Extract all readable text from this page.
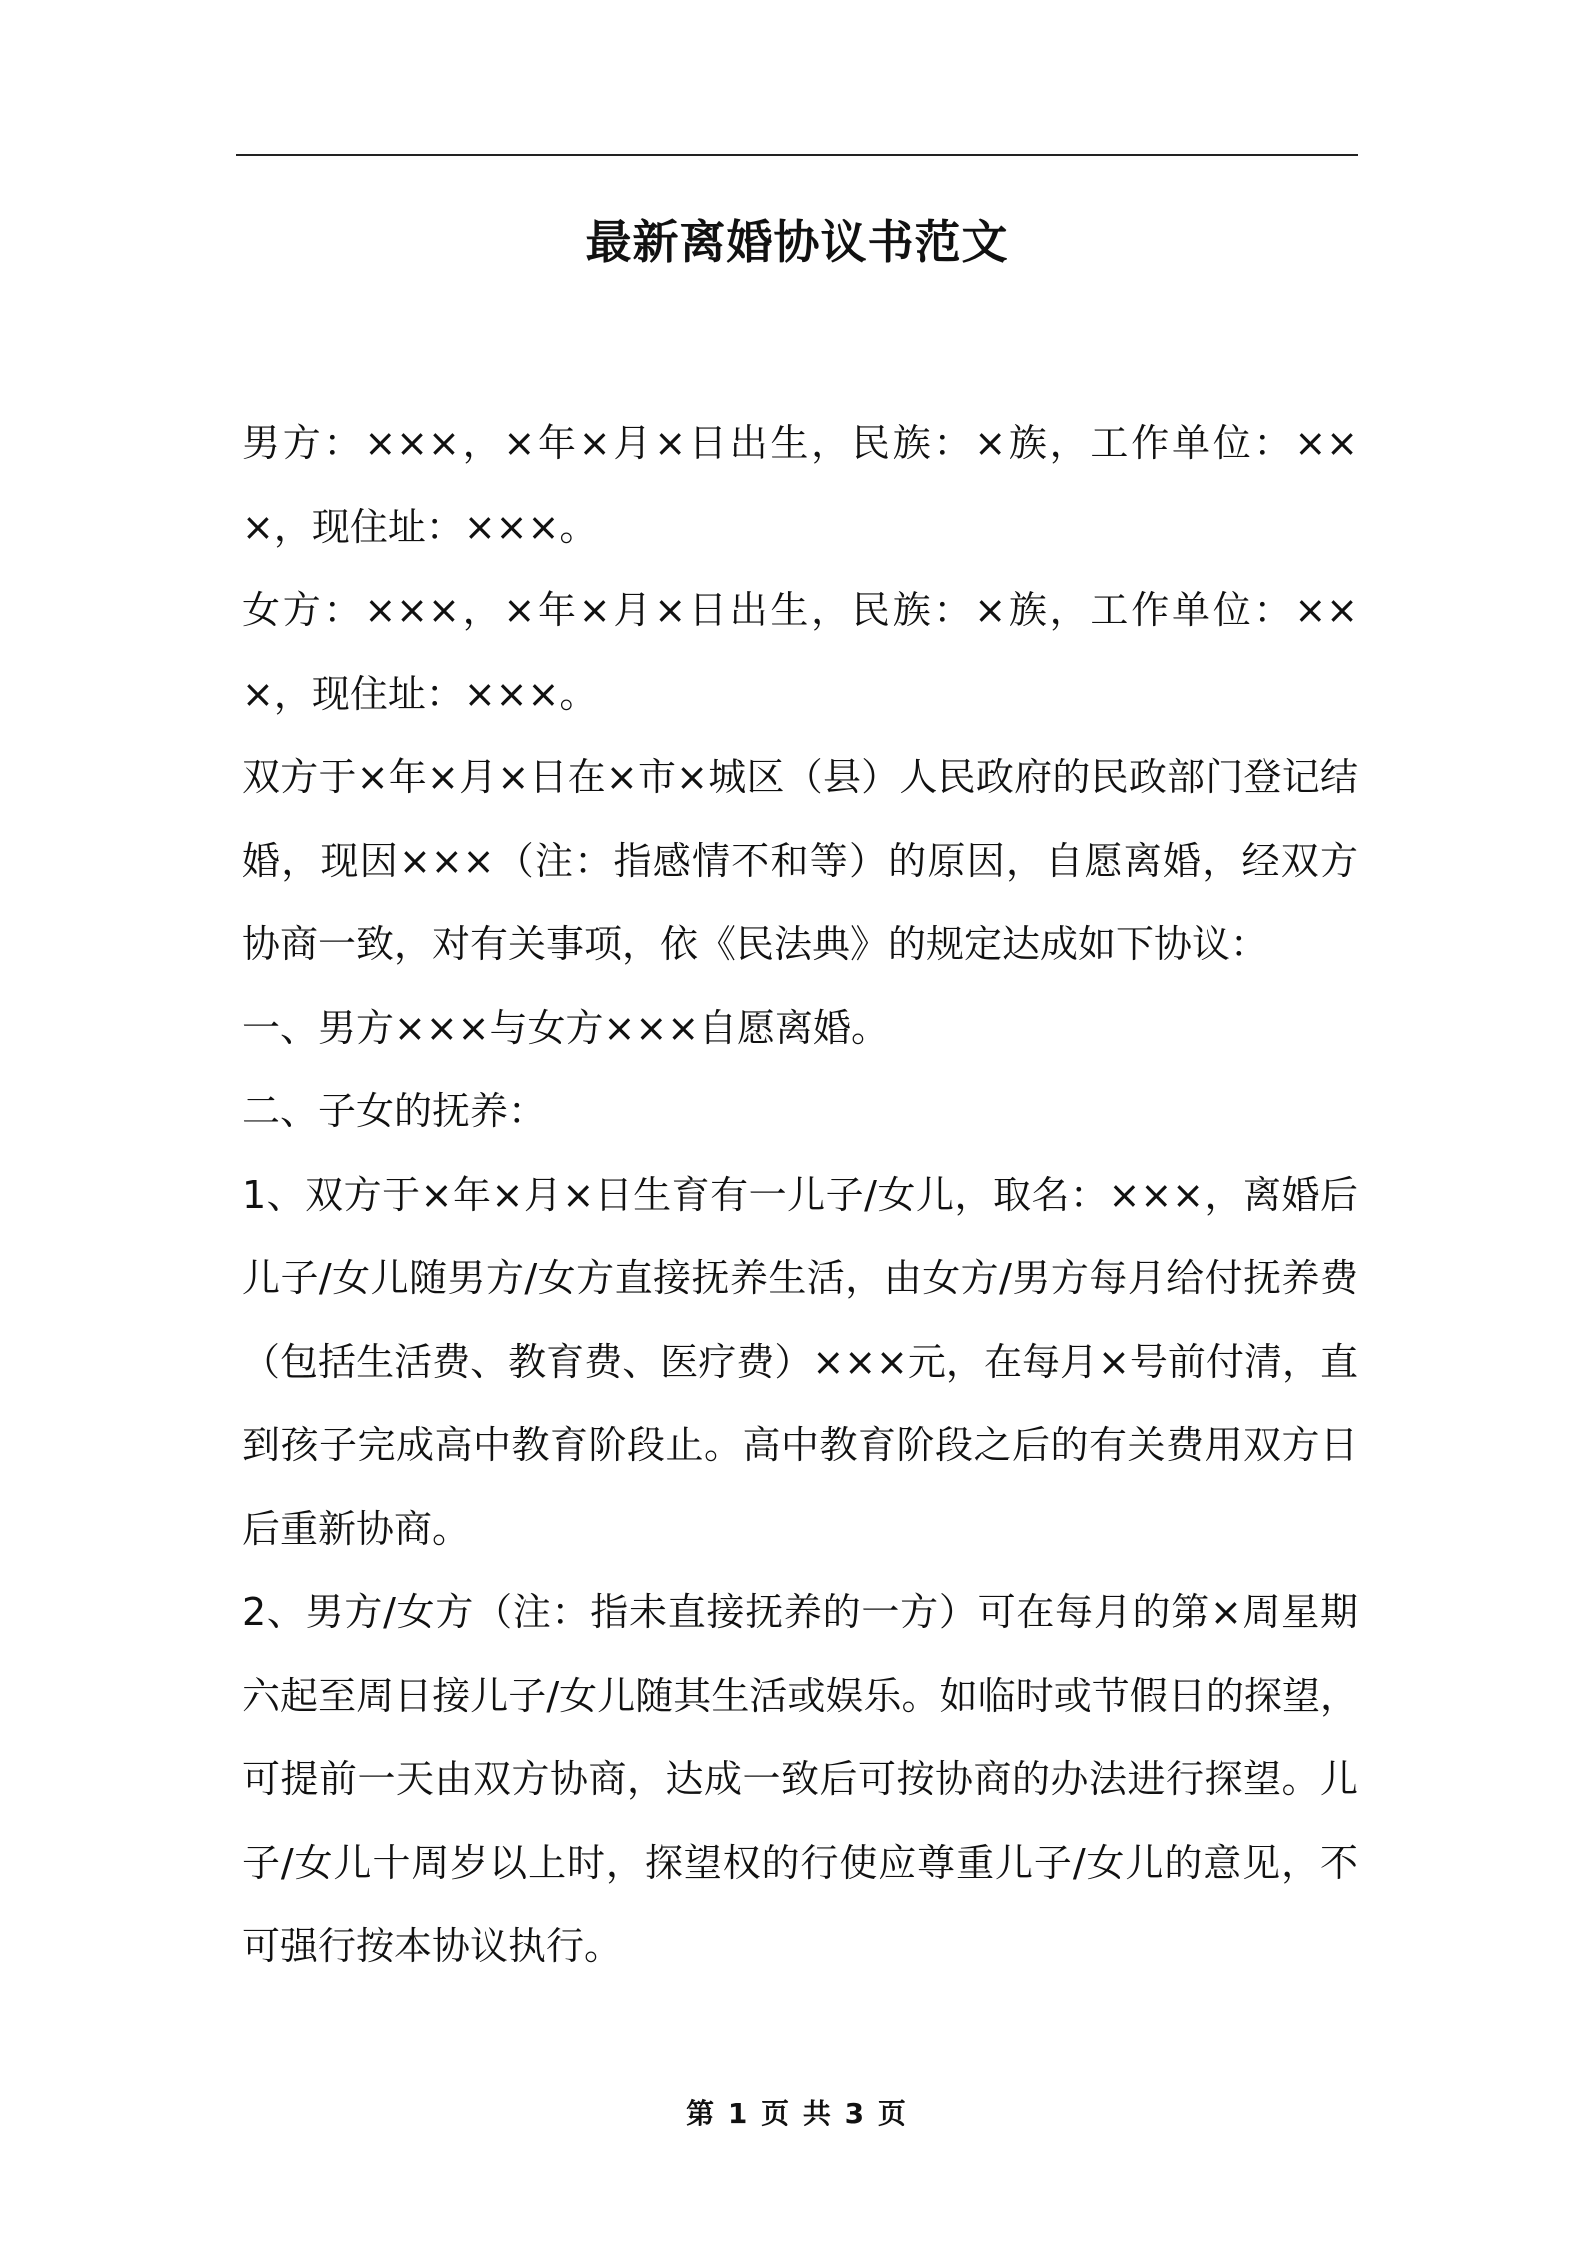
最新离婚协议书范文

男方：×××，×年×月×日出生，民族：×族，工作单位：×××，现住址：×××。

女方：×××，×年×月×日出生，民族：×族，工作单位：×××，现住址：×××。

双方于×年×月×日在×市×城区（县）人民政府的民政部门登记结婚，现因×××（注：指感情不和等）的原因，自愿离婚，经双方协商一致，对有关事项，依《民法典》的规定达成如下协议：

一、男方×××与女方×××自愿离婚。

二、子女的抚养：

1、双方于×年×月×日生育有一儿子/女儿，取名：×××，离婚后儿子/女儿随男方/女方直接抚养生活，由女方/男方每月给付抚养费（包括生活费、教育费、医疗费）×××元，在每月×号前付清，直到孩子完成高中教育阶段止。高中教育阶段之后的有关费用双方日后重新协商。

2、男方/女方（注：指未直接抚养的一方）可在每月的第×周星期六起至周日接儿子/女儿随其生活或娱乐。如临时或节假日的探望，可提前一天由双方协商，达成一致后可按协商的办法进行探望。儿子/女儿十周岁以上时，探望权的行使应尊重儿子/女儿的意见，不可强行按本协议执行。

第 1 页 共 3 页
